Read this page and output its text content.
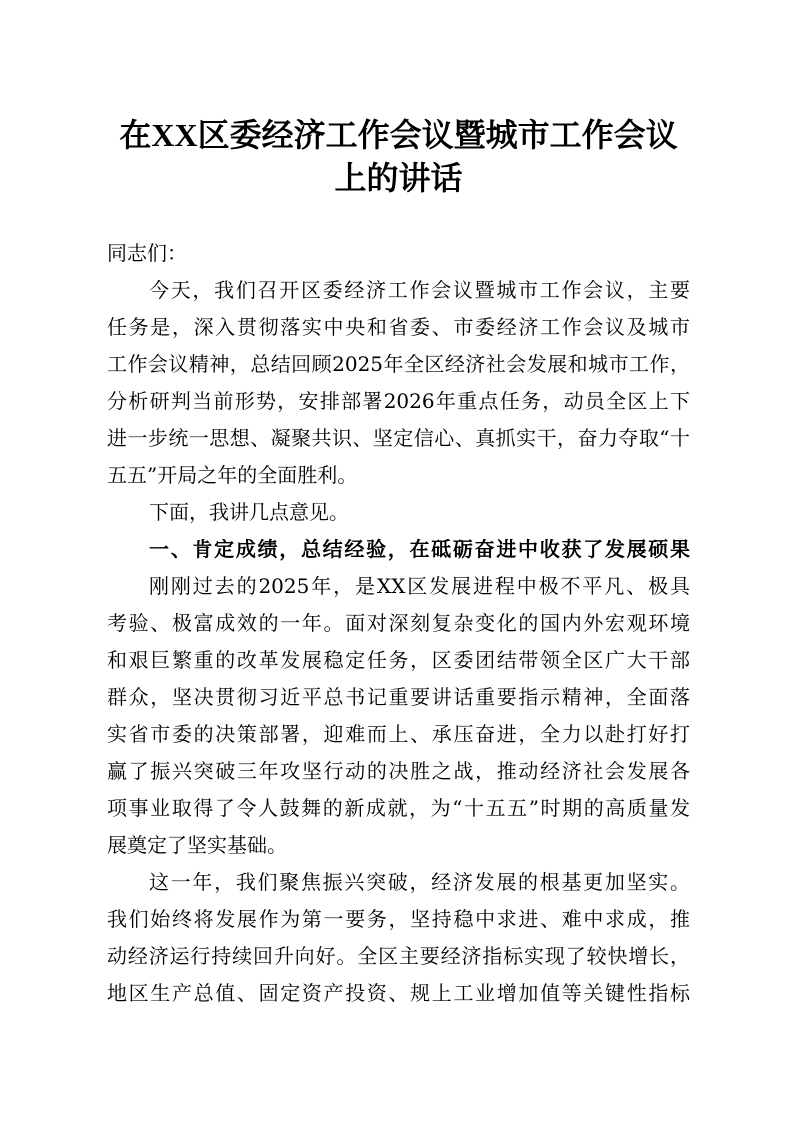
在XX区委经济工作会议暨城市工作会议
上的讲话
同志们：
今天，我们召开区委经济工作会议暨城市工作会议，主要
任务是，深入贯彻落实中央和省委、市委经济工作会议及城市
工作会议精神，总结回顾2025年全区经济社会发展和城市工作，
分析研判当前形势，安排部署2026年重点任务，动员全区上下
进一步统一思想、凝聚共识、坚定信心、真抓实干，奋力夺取“十
五五”开局之年的全面胜利。
下面，我讲几点意见。
一、肯定成绩，总结经验，在砥砺奋进中收获了发展硕果
刚刚过去的2025年，是XX区发展进程中极不平凡、极具
考验、极富成效的一年。面对深刻复杂变化的国内外宏观环境
和艰巨繁重的改革发展稳定任务，区委团结带领全区广大干部
群众，坚决贯彻习近平总书记重要讲话重要指示精神，全面落
实省市委的决策部署，迎难而上、承压奋进，全力以赴打好打
赢了振兴突破三年攻坚行动的决胜之战，推动经济社会发展各
项事业取得了令人鼓舞的新成就，为“十五五”时期的高质量发
展奠定了坚实基础。
这一年，我们聚焦振兴突破，经济发展的根基更加坚实。
我们始终将发展作为第一要务，坚持稳中求进、难中求成，推
动经济运行持续回升向好。全区主要经济指标实现了较快增长，
地区生产总值、固定资产投资、规上工业增加值等关键性指标
